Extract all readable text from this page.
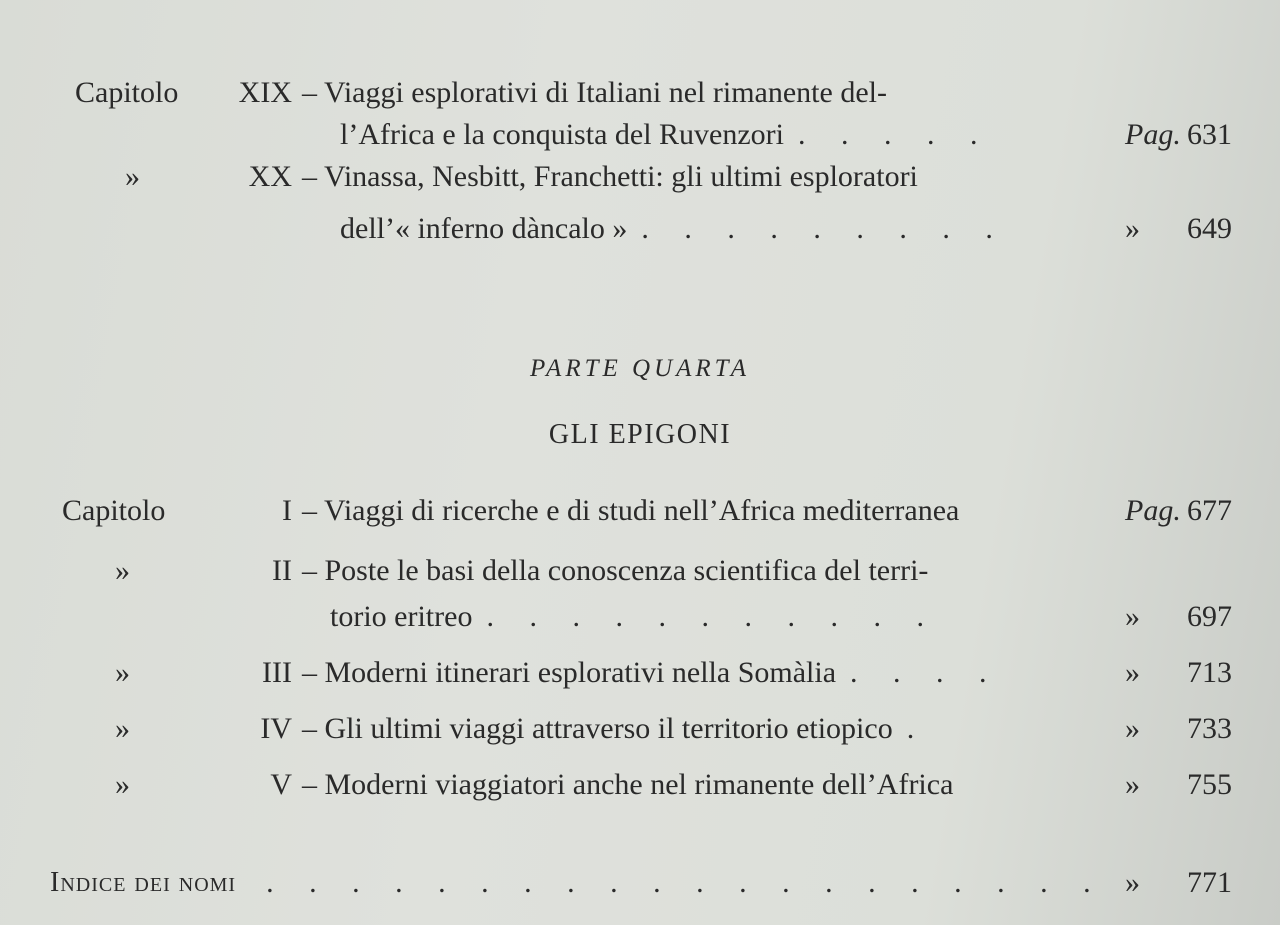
Capitolo	XIX – Viaggi esplorativi di Italiani nel rimanente del-
l’Africa e la conquista del Ruvenzori . . . . .	Pag. 631
»	XX – Vinassa, Nesbitt, Franchetti: gli ultimi esploratori
dell’« inferno dàncalo » . . . . . . . . .	»	649
PARTE QUARTA
GLI EPIGONI
Capitolo	I – Viaggi di ricerche e di studi nell’Africa mediterranea	Pag. 677
»	II – Poste le basi della conoscenza scientifica del terri-
torio eritreo . . . . . . . . . . .	»	697
»	III – Moderni itinerari esplorativi nella Somàlia . . . .	»	713
»	IV – Gli ultimi viaggi attraverso il territorio etiopico .	»	733
»	V – Moderni viaggiatori anche nel rimanente dell’Africa	»	755
Indice dei nomi . . . . . . . . . . . . . . . . . . . . »	771
